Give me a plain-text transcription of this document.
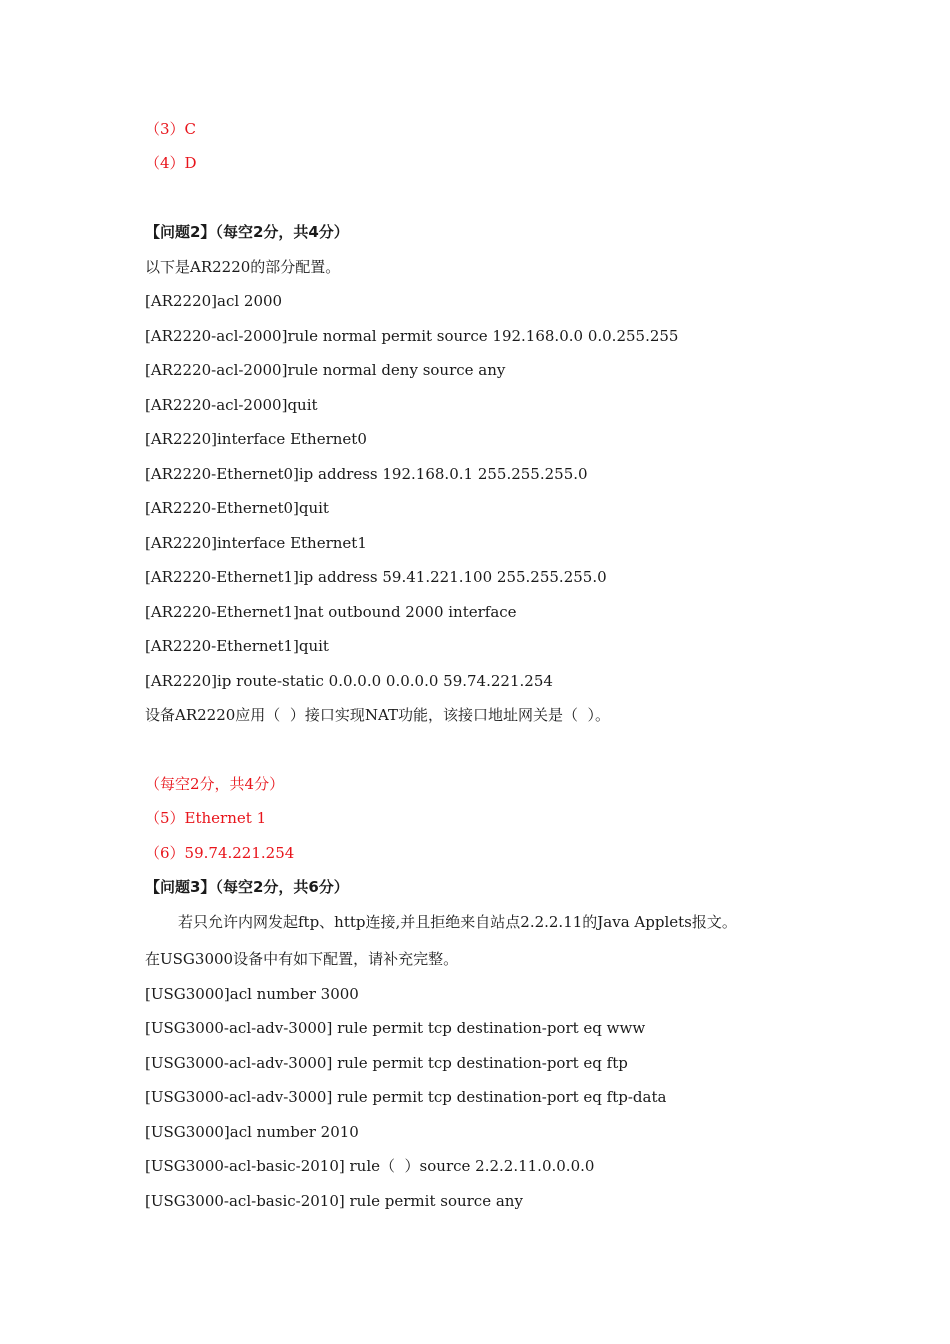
（3）C
（4）D
【问题2】（每空2分，共4分）
以下是AR2220的部分配置。
[AR2220]acl 2000
[AR2220-acl-2000]rule normal permit source 192.168.0.0 0.0.255.255
[AR2220-acl-2000]rule normal deny source any
[AR2220-acl-2000]quit
[AR2220]interface Ethernet0
[AR2220-Ethernet0]ip address 192.168.0.1 255.255.255.0
[AR2220-Ethernet0]quit
[AR2220]interface Ethernet1
[AR2220-Ethernet1]ip address 59.41.221.100 255.255.255.0
[AR2220-Ethernet1]nat outbound 2000 interface
[AR2220-Ethernet1]quit
[AR2220]ip route-static 0.0.0.0 0.0.0.0 59.74.221.254
设备AR2220应用（  ）接口实现NAT功能，该接口地址网关是（  ）。
（每空2分，共4分）
（5）Ethernet 1
（6）59.74.221.254
【问题3】（每空2分，共6分）
若只允许内网发起ftp、http连接,并且拒绝来自站点2.2.2.11的Java Applets报文。
在USG3000设备中有如下配置，请补充完整。
[USG3000]acl number 3000
[USG3000-acl-adv-3000] rule permit tcp destination-port eq www
[USG3000-acl-adv-3000] rule permit tcp destination-port eq ftp
[USG3000-acl-adv-3000] rule permit tcp destination-port eq ftp-data
[USG3000]acl number 2010
[USG3000-acl-basic-2010] rule（  ）source 2.2.2.11.0.0.0.0
[USG3000-acl-basic-2010] rule permit source any
